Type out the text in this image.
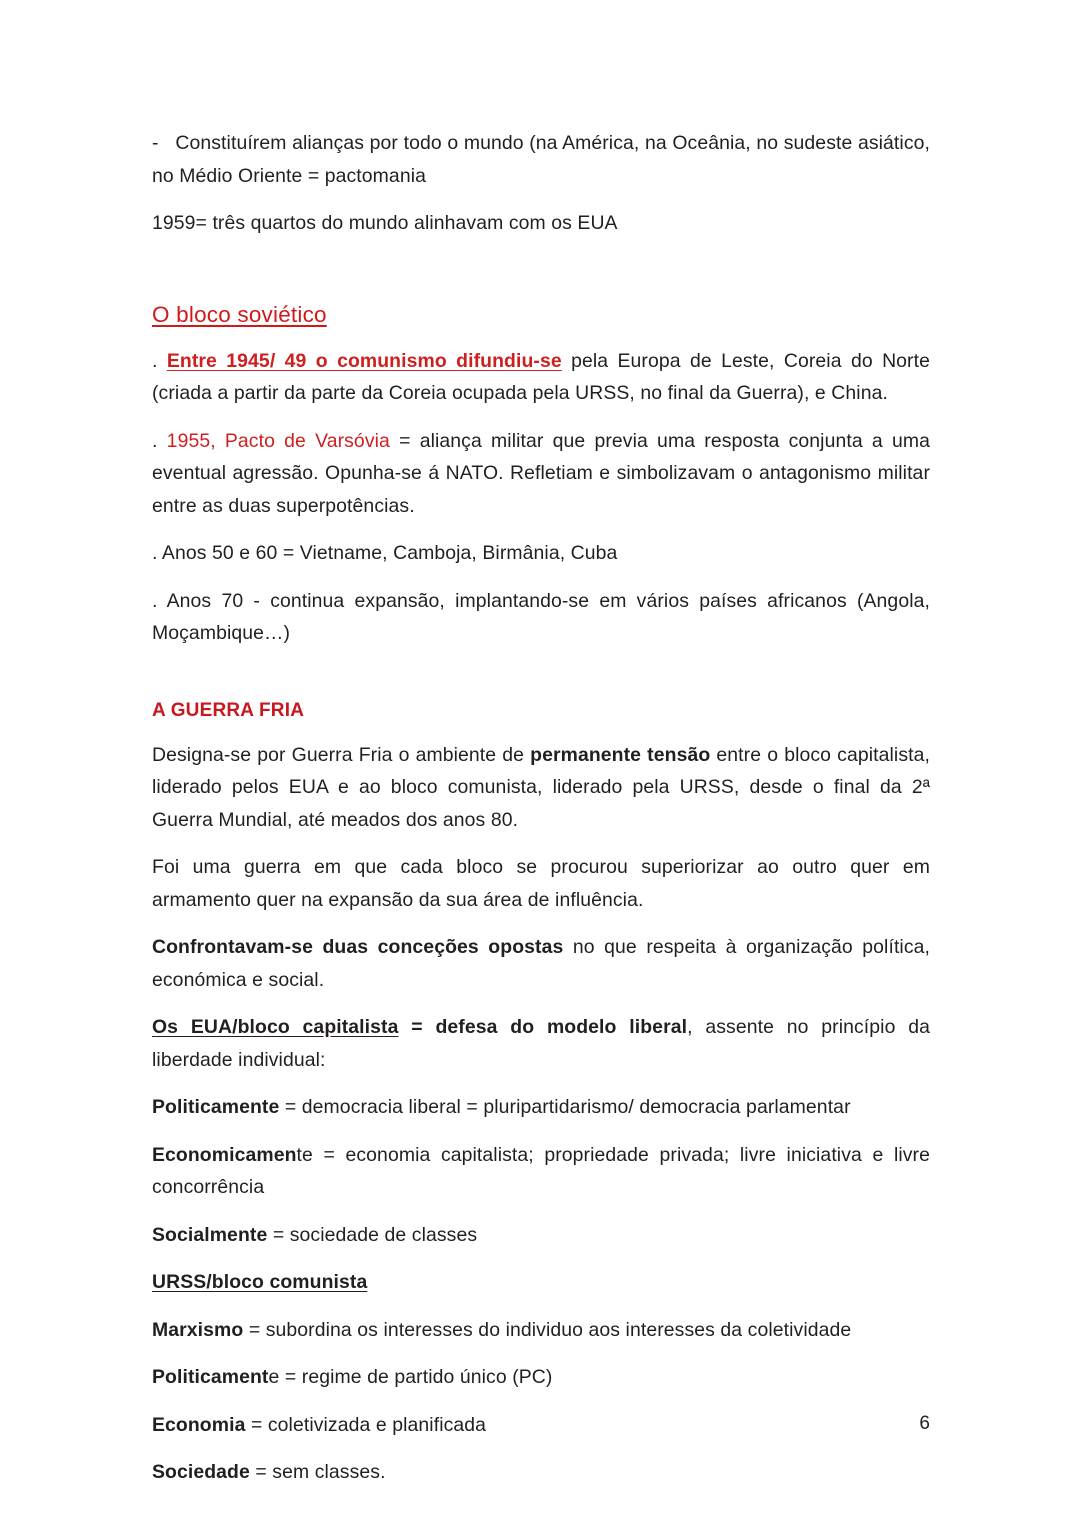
- Constituírem alianças por todo o mundo (na América, na Oceânia, no sudeste asiático, no Médio Oriente = pactomania

1959= três quartos do mundo alinhavam com os EUA

O bloco soviético

. Entre 1945/ 49 o comunismo difundiu-se pela Europa de Leste, Coreia do Norte (criada a partir da parte da Coreia ocupada pela URSS, no final da Guerra), e China.

. 1955, Pacto de Varsóvia = aliança militar que previa uma resposta conjunta a uma eventual agressão. Opunha-se á NATO. Refletiam e simbolizavam o antagonismo militar entre as duas superpotências.

. Anos 50 e 60 = Vietname, Camboja, Birmânia, Cuba

. Anos 70 - continua expansão, implantando-se em vários países africanos (Angola, Moçambique…)

A GUERRA FRIA

Designa-se por Guerra Fria o ambiente de permanente tensão entre o bloco capitalista, liderado pelos EUA e ao bloco comunista, liderado pela URSS, desde o final da 2ª Guerra Mundial, até meados dos anos 80.

Foi uma guerra em que cada bloco se procurou superiorizar ao outro quer em armamento quer na expansão da sua área de influência.

Confrontavam-se duas conceções opostas no que respeita à organização política, económica e social.

Os EUA/bloco capitalista = defesa do modelo liberal, assente no princípio da liberdade individual:

Politicamente = democracia liberal = pluripartidarismo/ democracia parlamentar

Economicamente = economia capitalista; propriedade privada; livre iniciativa e livre concorrência

Socialmente = sociedade de classes

URSS/bloco comunista

Marxismo = subordina os interesses do individuo aos interesses da coletividade

Politicamente = regime de partido único (PC)

Economia = coletivizada e planificada

Sociedade = sem classes.

6
